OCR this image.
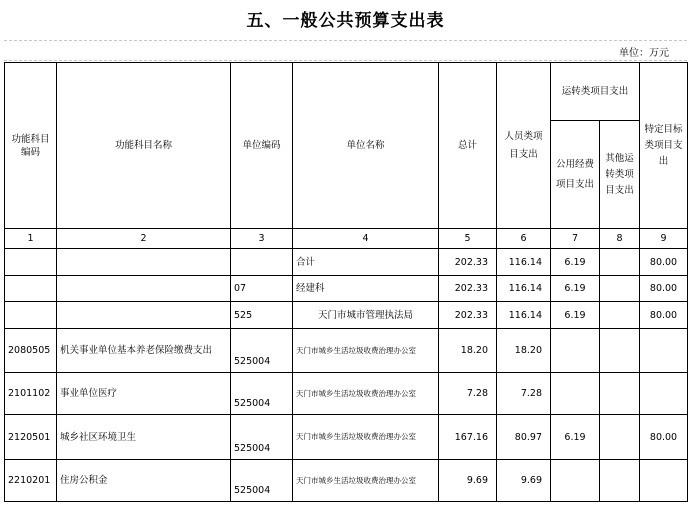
五、一般公共预算支出表
单位：万元
功能科目编码	功能科目名称	单位编码	单位名称	总计	人员类项目支出	运转类项目支出		特定目标类项目支出
						公用经费项目支出	其他运转类项目支出	
1	2	3	4	5	6	7	8	9
			合计	202.33	116.14	6.19		80.00
		07	经建科	202.33	116.14	6.19		80.00
		525	天门市城市管理执法局	202.33	116.14	6.19		80.00
2080505	机关事业单位基本养老保险缴费支出	525004	天门市城乡生活垃圾收费治理办公室	18.20	18.20			
2101102	事业单位医疗	525004	天门市城乡生活垃圾收费治理办公室	7.28	7.28			
2120501	城乡社区环境卫生	525004	天门市城乡生活垃圾收费治理办公室	167.16	80.97	6.19		80.00
2210201	住房公积金	525004	天门市城乡生活垃圾收费治理办公室	9.69	9.69			
